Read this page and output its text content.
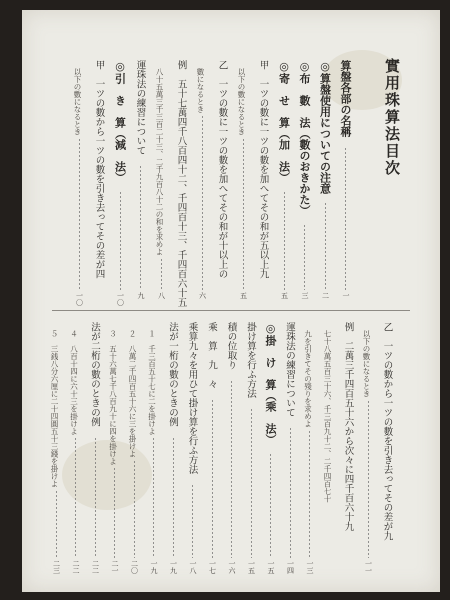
實用珠算法目次
算盤各部の名稱
一
◎算盤使用についての注意
二
◎布　數　法（數のおきかた）
三
◎寄　せ　算（加　法）
五
甲　一ツの數に一ツの數を加へてその和が五以上九
以下の數になるとき
五
乙　一ツの數に一ツの數を加へてその和が十以上の
數になるとき
六
例　五十七萬四千八百四十二、千四百十三、千四百六十五
八十五萬三千三百二十三、二千九百八十二の和を求めよ
八
運珠法の練習について
九
◎引　き　算（減　法）
一〇
甲　一ツの數から一ツの數を引き去ってその差が四
以下の數になるとき
一〇
乙　一ツの數から一ツの數を引き去ってその差が九
以下の數になるとき
一一
例　二萬三千四百五十六から次々に四千百六十九
七十八萬五百三十六、千三百九十二、二千四百七十
九を引きてその殘りを求めよ
一三
運珠法の練習について
一四
◎掛　け　算（乘　法）
一五
掛け算を行ふ方法
一五
積の位取り
一六
乘　算　九　々
一七
乘算九々を用ひて掛け算を行ふ方法
一八
法が一桁の數のときの例
一九
１　千三百五十七に二を掛けよ
一九
２　八萬二千四百五十六に三を掛けよ
二〇
３　五十六萬七千八百九十に四を掛けよ
二一
法が二桁の數のときの例
二二
４　八百十四に六十三を掛けよ
二二
５　三銭八分六厘に二十四圓五十三錢を掛けよ
二三
